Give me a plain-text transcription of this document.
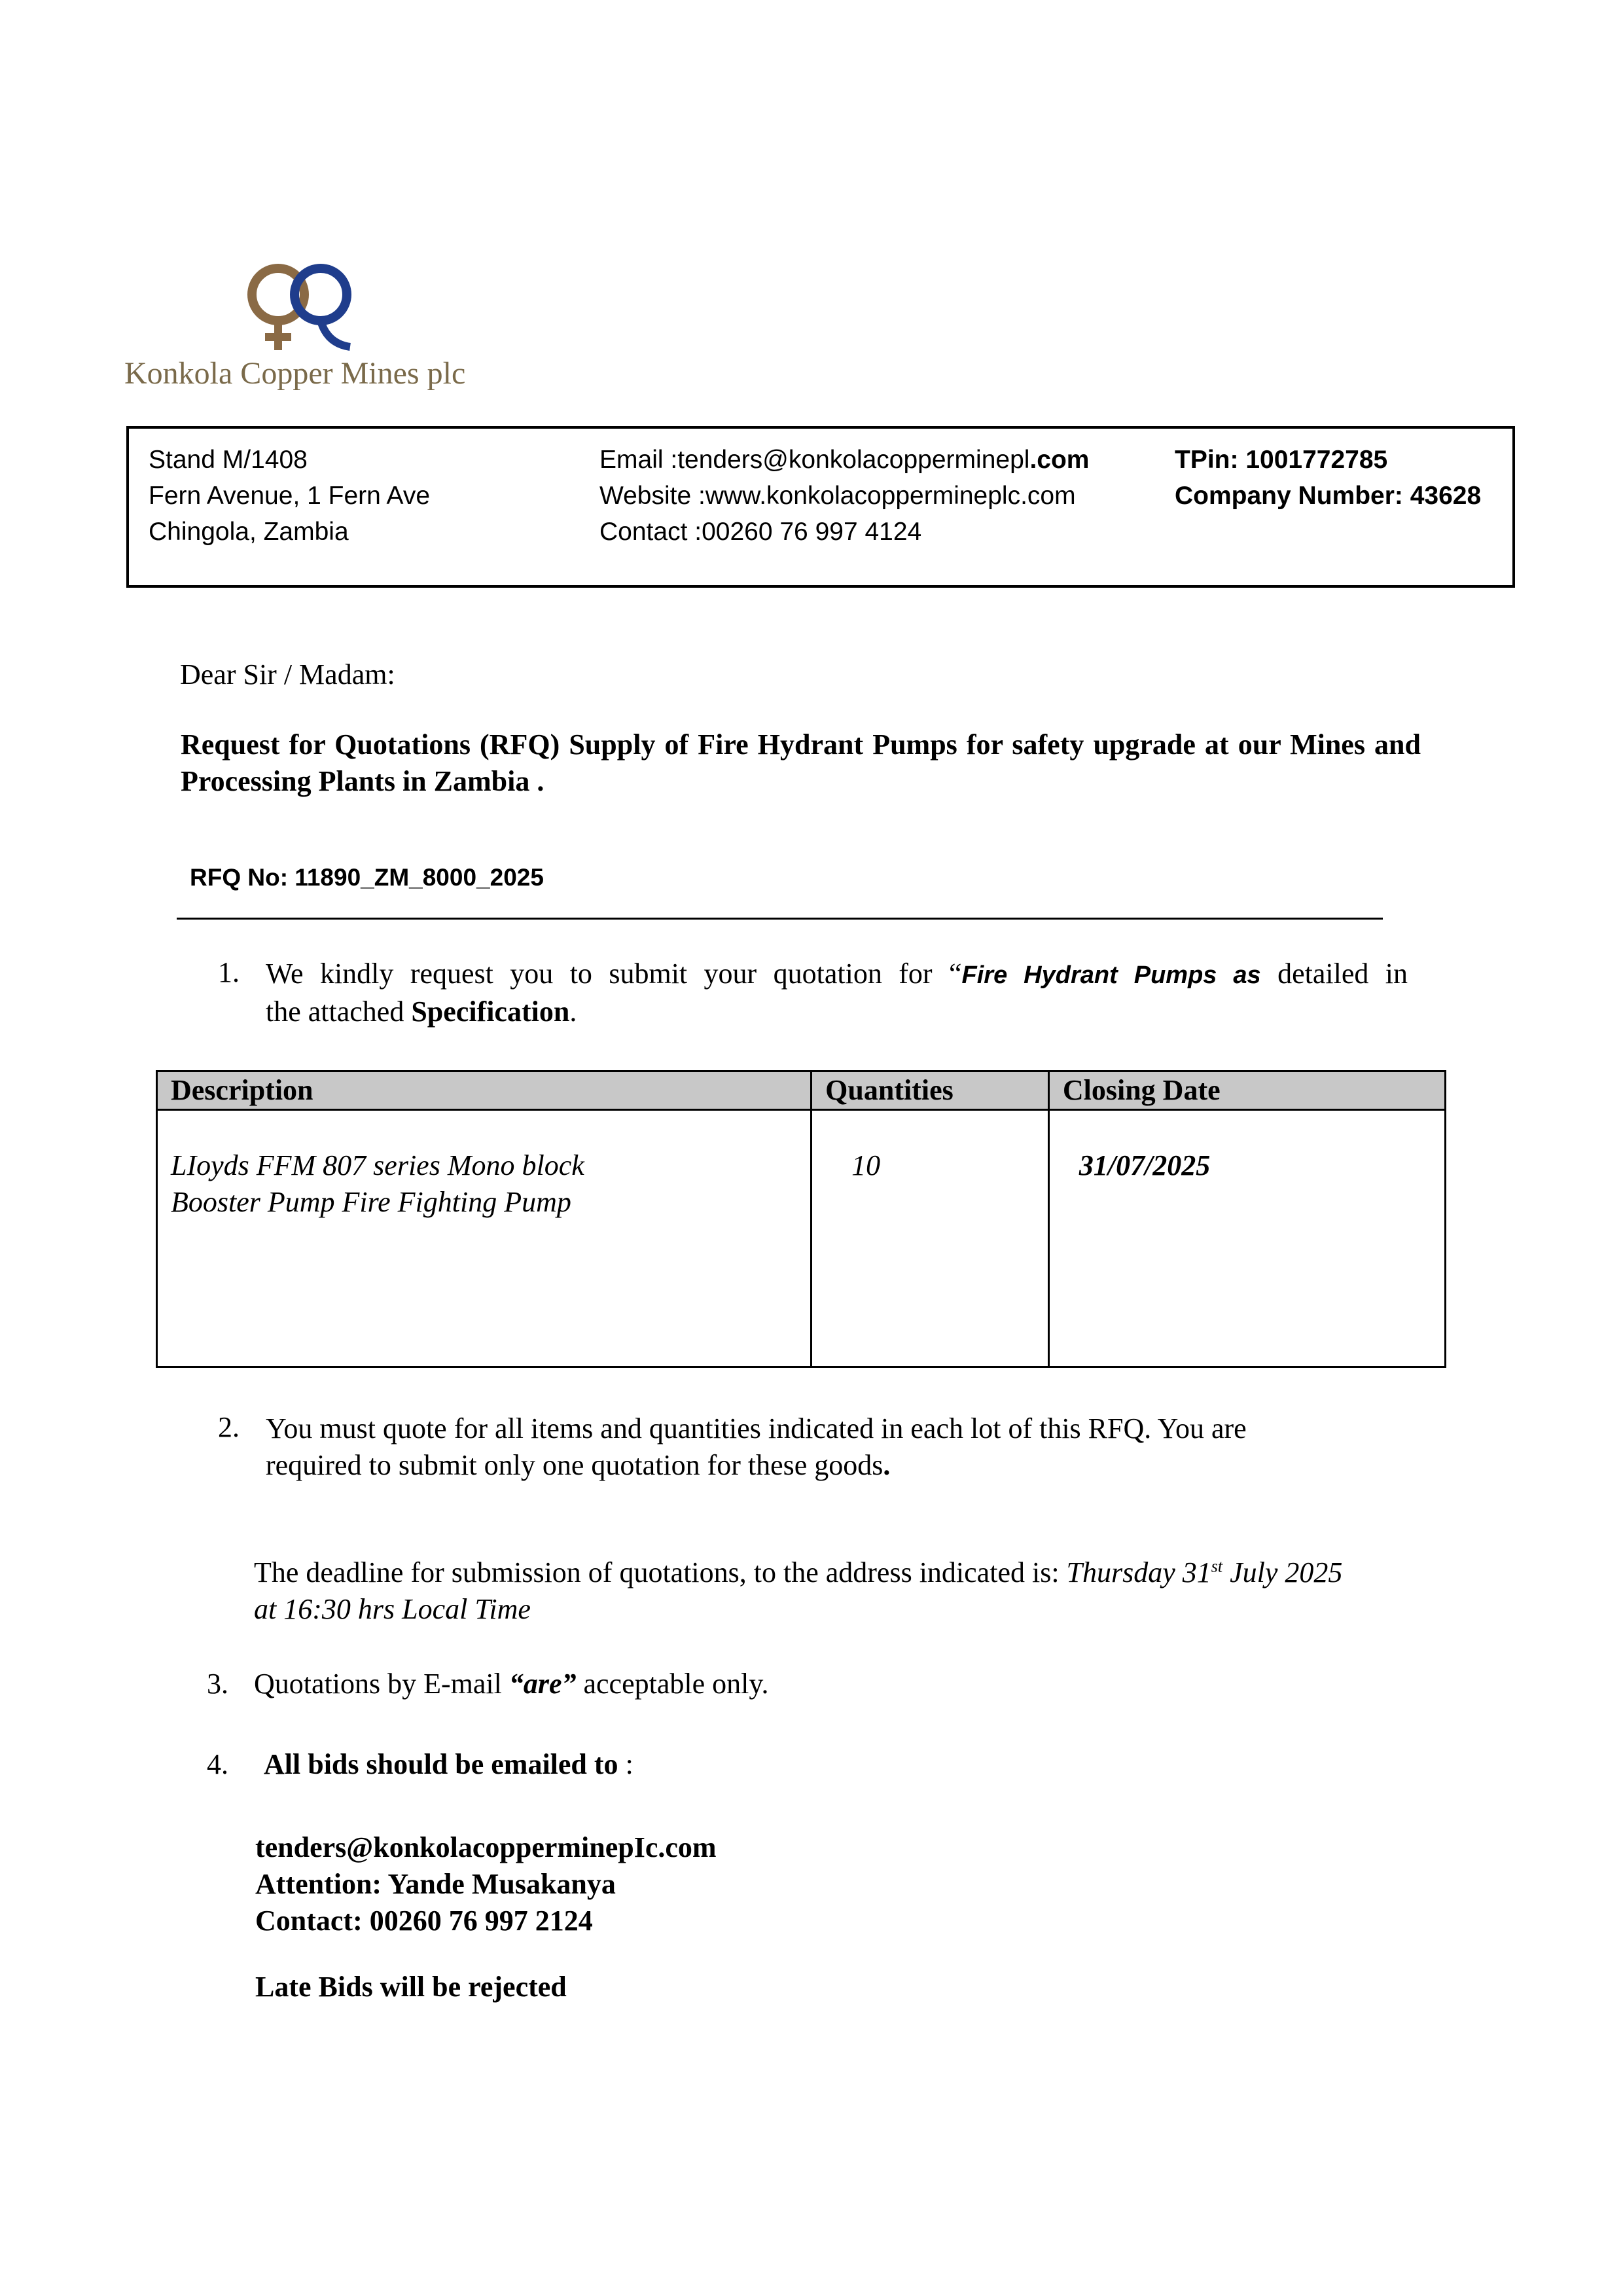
Konkola Copper Mines plc
Stand M/1408
Fern Avenue, 1 Fern Ave
Chingola, Zambia
Email :tenders@konkolacopperminepl.com
Website :www.konkolacoppermineplc.com
Contact :00260 76 997 4124
TPin: 1001772785
Company Number: 43628
Dear Sir / Madam:
Request for Quotations (RFQ) Supply of Fire Hydrant Pumps for safety upgrade at our Mines and Processing Plants in Zambia .
RFQ No: 11890_ZM_8000_2025
1. We kindly request you to submit your quotation for “Fire Hydrant Pumps as detailed in
the attached Specification.
Description	Quantities	Closing Date

LIoyds FFM 807 series Mono block
Booster Pump Fire Fighting Pump	10	31/07/2025
2. You must quote for all items and quantities indicated in each lot of this RFQ. You are
required to submit only one quotation for these goods.
The deadline for submission of quotations, to the address indicated is: Thursday 31st July 2025
at 16:30 hrs Local Time
3. Quotations by E-mail “are” acceptable only.
4. All bids should be emailed to :
tenders@konkolacopperminepIc.com
Attention: Yande Musakanya
Contact: 00260 76 997 2124
Late Bids will be rejected
